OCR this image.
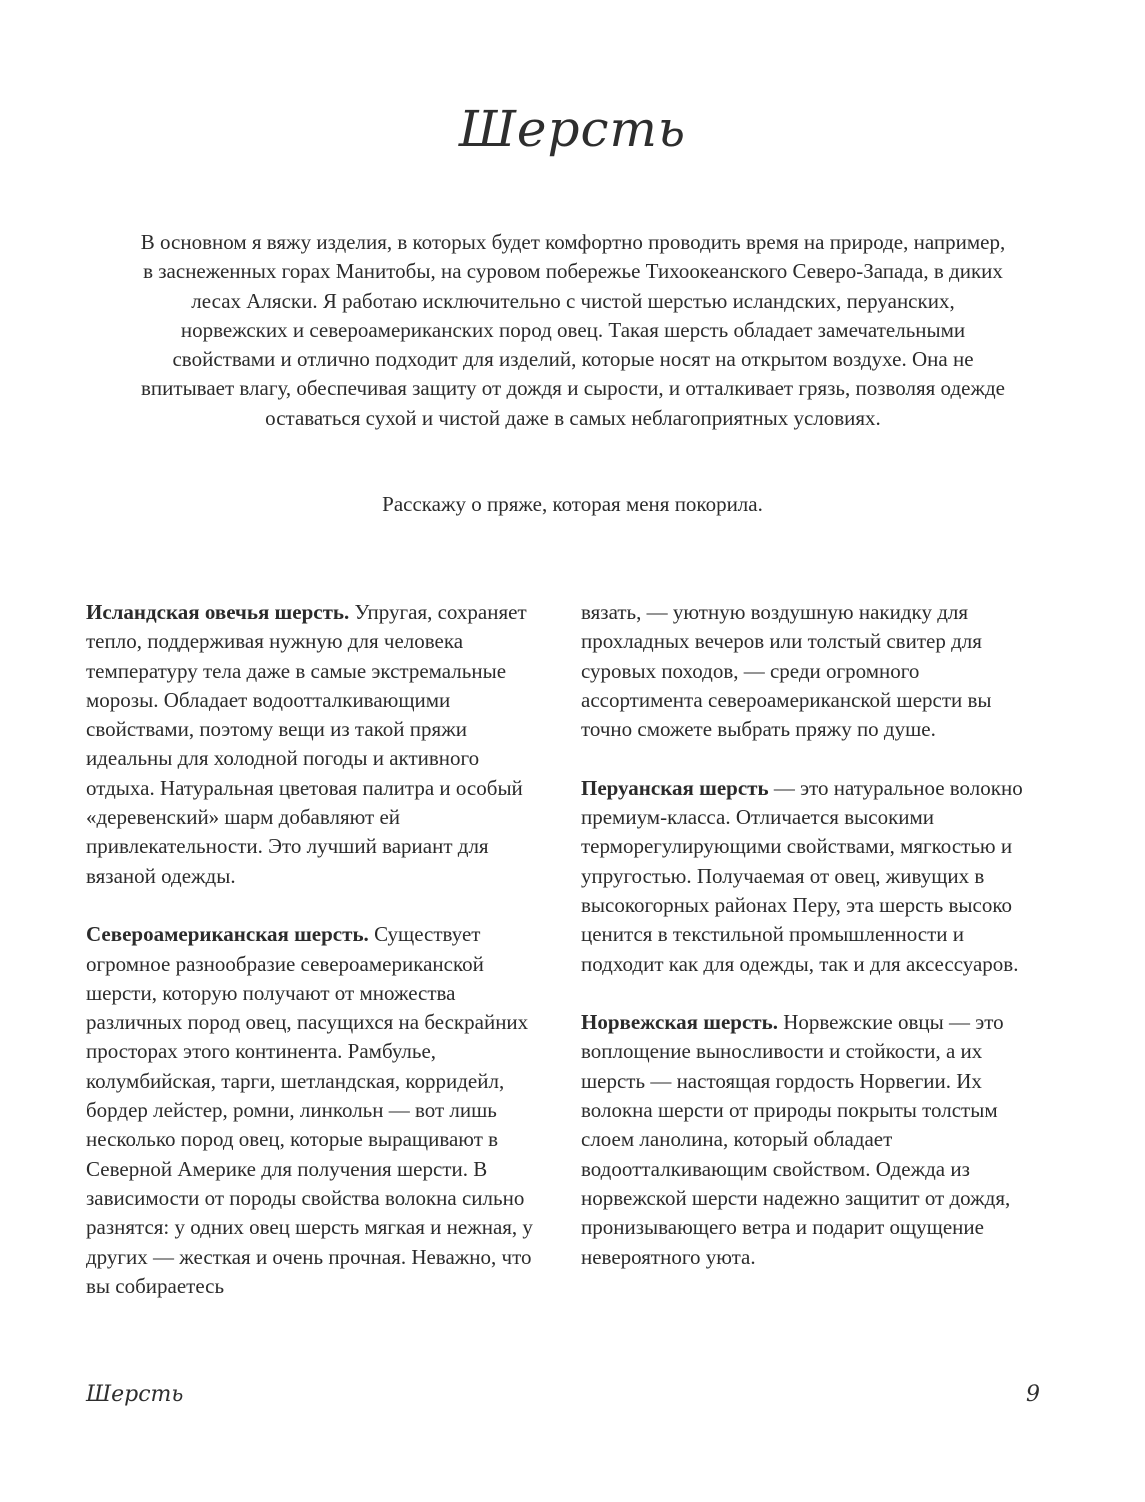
Шерсть

В основном я вяжу изделия, в которых будет комфортно проводить время на природе, например, в заснеженных горах Манитобы, на суровом побережье Тихоокеанского Северо-Запада, в диких лесах Аляски. Я работаю исключительно с чистой шерстью исландских, перуанских, норвежских и североамериканских пород овец. Такая шерсть обладает замечательными свойствами и отлично подходит для изделий, которые носят на открытом воздухе. Она не впитывает влагу, обеспечивая защиту от дождя и сырости, и отталкивает грязь, позволяя одежде оставаться сухой и чистой даже в самых неблагоприятных условиях.

Расскажу о пряже, которая меня покорила.

Исландская овечья шерсть. Упругая, сохраняет тепло, поддерживая нужную для человека температуру тела даже в самые экстремальные морозы. Обладает водоотталкивающими свойствами, поэтому вещи из такой пряжи идеальны для холодной погоды и активного отдыха. Натуральная цветовая палитра и особый «деревенский» шарм добавляют ей привлекательности. Это лучший вариант для вязаной одежды.

Североамериканская шерсть. Существует огромное разнообразие североамериканской шерсти, которую получают от множества различных пород овец, пасущихся на бескрайних просторах этого континента. Рамбулье, колумбийская, тарги, шетландская, корридейл, бордер лейстер, ромни, линкольн — вот лишь несколько пород овец, которые выращивают в Северной Америке для получения шерсти. В зависимости от породы свойства волокна сильно разнятся: у одних овец шерсть мягкая и нежная, у других — жесткая и очень прочная. Неважно, что вы собираетесь

вязать, — уютную воздушную накидку для прохладных вечеров или толстый свитер для суровых походов, — среди огромного ассортимента североамериканской шерсти вы точно сможете выбрать пряжу по душе.

Перуанская шерсть — это натуральное волокно премиум-класса. Отличается высокими терморегулирующими свойствами, мягкостью и упругостью. Получаемая от овец, живущих в высокогорных районах Перу, эта шерсть высоко ценится в текстильной промышленности и подходит как для одежды, так и для аксессуаров.

Норвежская шерсть. Норвежские овцы — это воплощение выносливости и стойкости, а их шерсть — настоящая гордость Норвегии. Их волокна шерсти от природы покрыты толстым слоем ланолина, который обладает водоотталкивающим свойством. Одежда из норвежской шерсти надежно защитит от дождя, пронизывающего ветра и подарит ощущение невероятного уюта.

Шерсть	9
